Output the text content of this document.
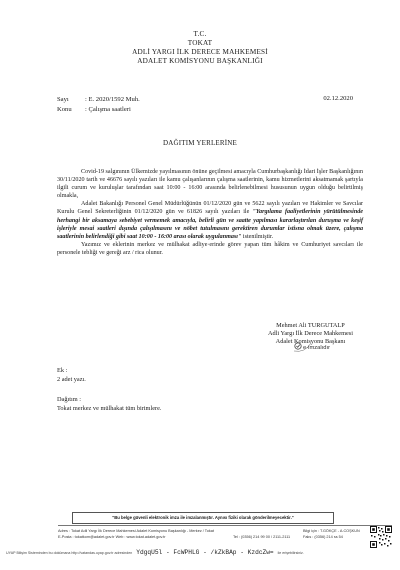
T.C.
TOKAT
ADLİ YARGI İLK DERECE MAHKEMESİ
ADALET KOMİSYONU BAŞKANLIĞI
Sayı : E. 2020/1592 Muh.
Konu : Çalışma saatleri
02.12.2020
DAĞITIM YERLERİNE

Covid-19 salgınının Ülkemizde yayılmasının önüne geçilmesi amacıyla Cumhurbaşkanlığı İdari İşler Başkanlığının 30/11/2020 tarih ve 46676 sayılı yazıları ile kamu çalışanlarının çalışma saatlerinin, kamu hizmetlerini aksatmamak şartıyla ilgili curum ve kuruluşlar tarafından saat 10:00 - 16:00 arasında belirlenebilmesi hususunun uygun olduğu belirtilmiş olmakla,

Adalet Bakanlığı Personel Genel Müdürlüğünün 01/12/2020 gün ve 5622 sayılı yazıları ve Hakimler ve Savcılar Kurulu Genel Sekreterliğinin 01/12/2020 gün ve 61826 sayılı yazıları ile "Yargılama faaliyetlerinin yürütülmesinde herhangi bir aksamaya sebebiyet vermemek amacıyla, belirli gün ve saatte yapılması kararlaştırılan duruşma ve keşif işleriyle mesai saatleri dışında çalışılmasını ve nöbet tutulmasını gerektiren durumlar istisna olmak üzere, çalışma saatlerinin belirlendiği gibi saat 10:00 - 16:00 arası olarak uygulanması" istenilmiştir.

Yazımız ve eklerinin merkez ve mülhakat adliye·erinde görev yapan tüm hâkim ve Cumhuriyet savcıları ile personele tebliği ve gereği arz / rica olunur.

Mehmet Ali TURGUTALP
Adli Yargı İlk Derece Mahkemesi
Adalet Komisyonu Başkanı
e-imzalıdır
Ek :
2 adet yazı.
Dağıtım :
Tokat merkez ve mülhakat tüm birimlere.
"Bu belge güvenli elektronik imza ile imzalanmıştır. Aynısı fiziki olarak gönderilmeyecektir."
Adres : Tokat Adli Yargı İlk Derece Mahkemesi Adalet Komisyonu Başkanlığı - Merkez / Tokat	Bilgi için : T.GÖKÇE - A.COŞKUN
E-Posta : tokatkom@adalet.gov.tr Web : www.tokat.adalet.gov.tr	Tel : (0356) 214 99 00 / 2111-2111	Faks : (0356) 214 ss 54
UYAP Bilişim Sisteminden bu dokümana http://vatandas.uyap.gov.tr adresinden YdgqU5l - FcWPHLG - /kZkBAp - KzdcZw= ile erişebilirsiniz.
